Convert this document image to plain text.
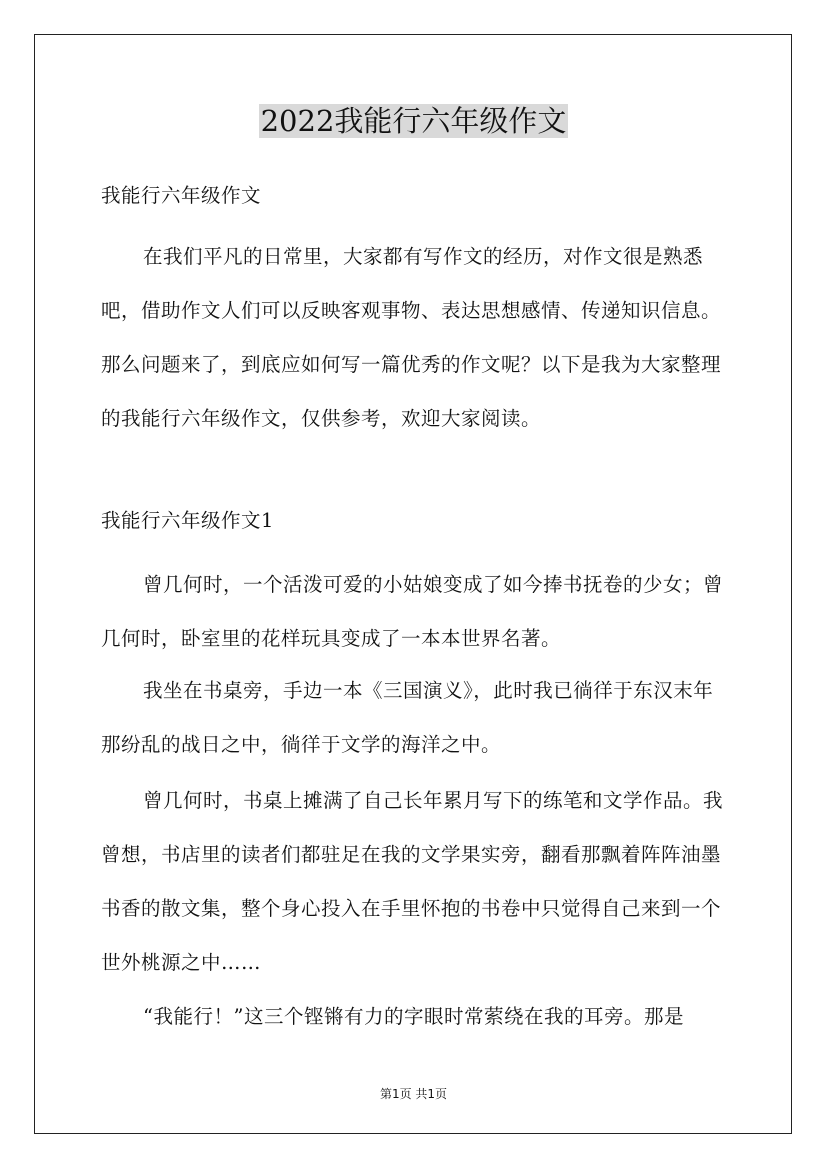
2022我能行六年级作文

我能行六年级作文

在我们平凡的日常里，大家都有写作文的经历，对作文很是熟悉吧，借助作文人们可以反映客观事物、表达思想感情、传递知识信息。那么问题来了，到底应如何写一篇优秀的作文呢？以下是我为大家整理的我能行六年级作文，仅供参考，欢迎大家阅读。

我能行六年级作文1

曾几何时，一个活泼可爱的小姑娘变成了如今捧书抚卷的少女；曾几何时，卧室里的花样玩具变成了一本本世界名著。

我坐在书桌旁，手边一本《三国演义》，此时我已徜徉于东汉末年那纷乱的战日之中，徜徉于文学的海洋之中。

曾几何时，书桌上摊满了自己长年累月写下的练笔和文学作品。我曾想，书店里的读者们都驻足在我的文学果实旁，翻看那飘着阵阵油墨书香的散文集，整个身心投入在手里怀抱的书卷中只觉得自己来到一个世外桃源之中……

“我能行！”这三个铿锵有力的字眼时常萦绕在我的耳旁。那是

第1页 共1页
